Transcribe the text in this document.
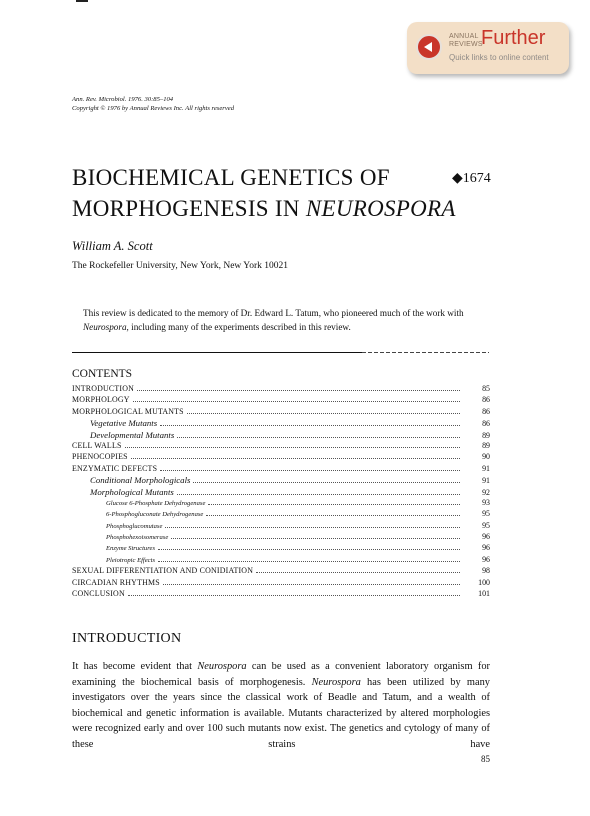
ANNUAL
REVIEWS
Further
Quick links to online content
Ann. Rev. Microbiol. 1976. 30:85–104
Copyright © 1976 by Annual Reviews Inc. All rights reserved
BIOCHEMICAL GENETICS OF
MORPHOGENESIS IN NEUROSPORA
◆1674
William A. Scott
The Rockefeller University, New York, New York 10021
This review is dedicated to the memory of Dr. Edward L. Tatum, who pioneered much of the work with Neurospora, including many of the experiments described in this review.
CONTENTS
INTRODUCTION	85
MORPHOLOGY	86
MORPHOLOGICAL MUTANTS	86
Vegetative Mutants	86
Developmental Mutants	89
CELL WALLS	89
PHENOCOPIES	90
ENZYMATIC DEFECTS	91
Conditional Morphologicals	91
Morphological Mutants	92
Glucose 6-Phosphate Dehydrogenase	93
6-Phosphogluconate Dehydrogenase	95
Phosphoglucomutase	95
Phosphohexoisomerase	96
Enzyme Structures	96
Pleiotropic Effects	96
SEXUAL DIFFERENTIATION AND CONIDIATION	98
CIRCADIAN RHYTHMS	100
CONCLUSION	101
INTRODUCTION
It has become evident that Neurospora can be used as a convenient laboratory organism for examining the biochemical basis of morphogenesis. Neurospora has been utilized by many investigators over the years since the classical work of Beadle and Tatum, and a wealth of biochemical and genetic information is available. Mutants characterized by altered morphologies were recognized early and over 100 such mutants now exist. The genetics and cytology of many of these strains have
85
